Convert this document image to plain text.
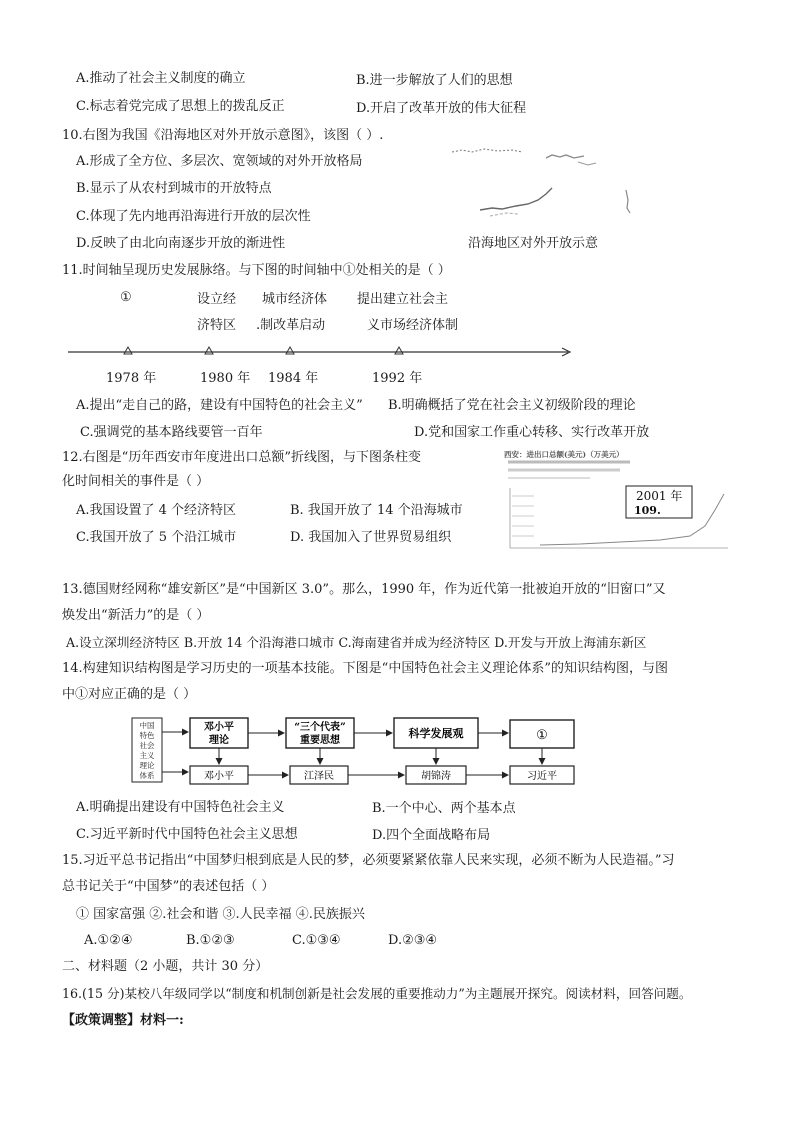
A.推动了社会主义制度的确立	B.进一步解放了人们的思想
C.标志着党完成了思想上的拨乱反正	D.开启了改革开放的伟大征程
10.右图为我国《沿海地区对外开放示意图》，该图（ ）.
A.形成了全方位、多层次、宽领域的对外开放格局
B.显示了从农村到城市的开放特点
C.体现了先内地再沿海进行开放的层次性
D.反映了由北向南逐步开放的渐进性	沿海地区对外开放示意
11.时间轴呈现历史发展脉络。与下图的时间轴中①处相关的是（ ）
①	设立经
济特区
城市经济体
.制改革启动
提出建立社会主
义市场经济体制
1978 年	1980 年 1984 年	1992 年
A.提出“走自己的路，建设有中国特色的社会主义” B.明确概括了党在社会主义初级阶段的理论
C.强调党的基本路线要管一百年	D.党和国家工作重心转移、实行改革开放
12.右图是“历年西安市年度进出口总额”折线图，与下图条柱变
化时间相关的事件是（ ）
A.我国设置了 4 个经济特区	B. 我国开放了 14 个沿海城市
C.我国开放了 5 个沿江城市	D. 我国加入了世界贸易组织
西安：进出口总额(美元)（万美元）
2001 年
109.
13.德国财经网称“雄安新区”是“中国新区 3.0”。那么，1990 年，作为近代第一批被迫开放的“旧窗口”又
焕发出“新活力”的是（ ）
A.设立深圳经济特区 B.开放 14 个沿海港口城市 C.海南建省并成为经济特区 D.开发与开放上海浦东新区
14.构建知识结构图是学习历史的一项基本技能。下图是“中国特色社会主义理论体系”的知识结构图，与图
中①对应正确的是（ ）
中国
特色
社会
主义
理论
体系
邓小平
理论
“三个代表”
重要思想
科学发展观	①
邓小平	江泽民	胡锦涛	习近平
A.明确提出建设有中国特色社会主义	B.一个中心、两个基本点
C.习近平新时代中国特色社会主义思想	D.四个全面战略布局
15.习近平总书记指出“中国梦归根到底是人民的梦，必须要紧紧依靠人民来实现，必须不断为人民造福。”习
总书记关于“中国梦”的表述包括（ ）
① 国家富强 ②.社会和谐 ③.人民幸福 ④.民族振兴
A.①②④	B.①②③	C.①③④	D.②③④
二、材料题（2 小题，共计 30 分）
16.(15 分)某校八年级同学以“制度和机制创新是社会发展的重要推动力”为主题展开探究。阅读材料，回答问题。
【政策调整】材料一:
